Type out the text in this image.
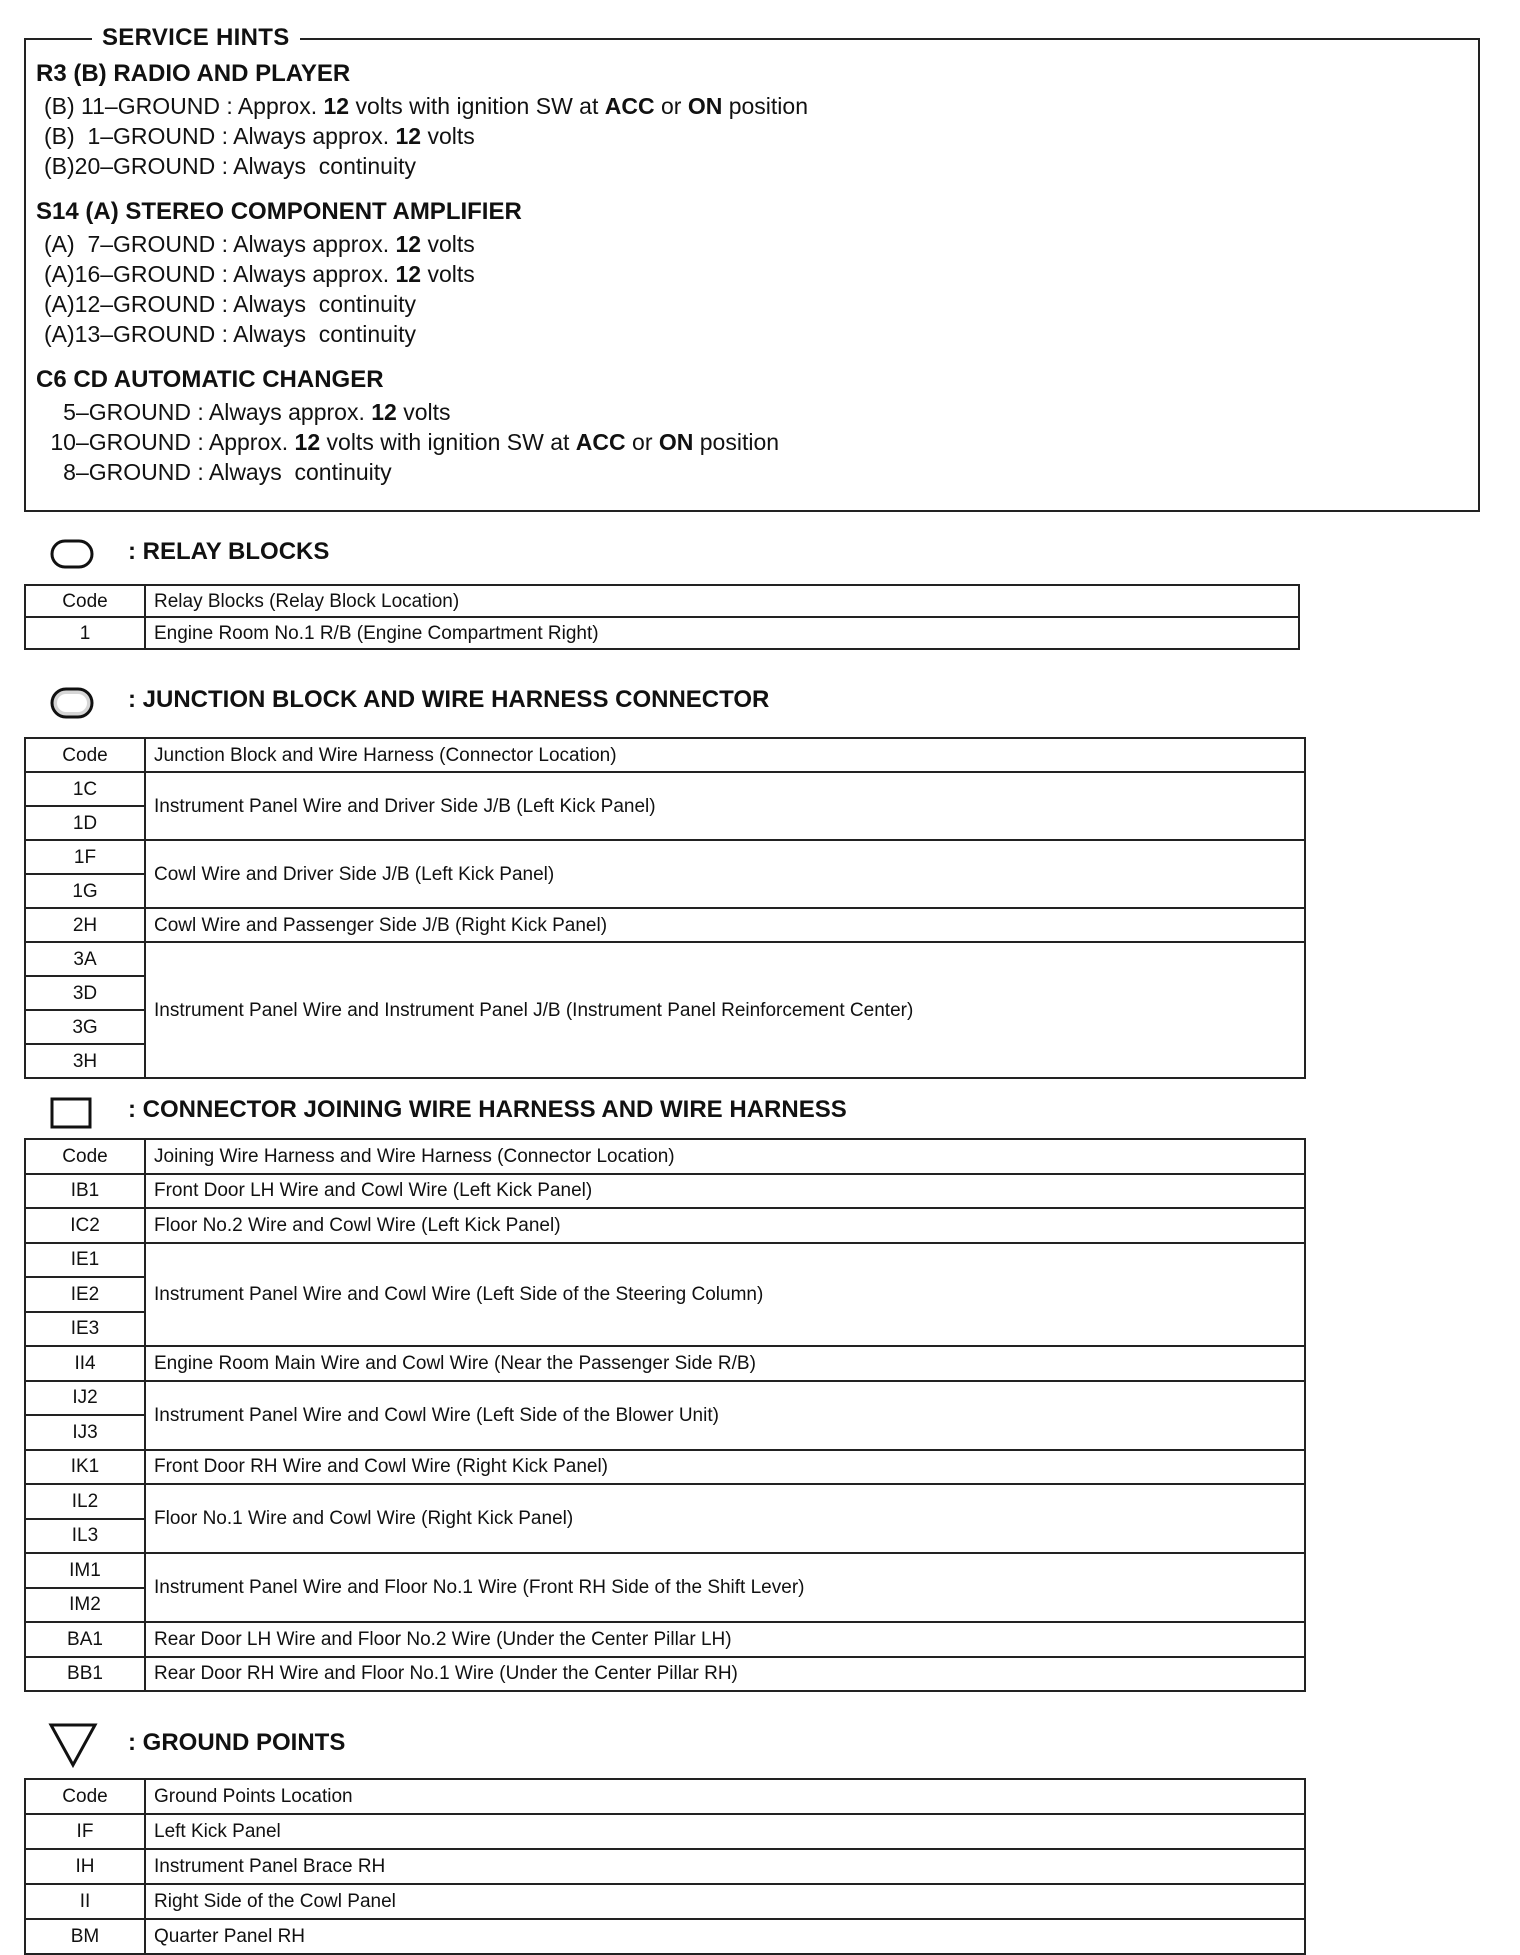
SERVICE HINTS
R3 (B) RADIO AND PLAYER
(B) 11–GROUND : Approx. 12 volts with ignition SW at ACC or ON position
(B)  1–GROUND : Always approx. 12 volts
(B)20–GROUND : Always  continuity
S14 (A) STEREO COMPONENT AMPLIFIER
(A)  7–GROUND : Always approx. 12 volts
(A)16–GROUND : Always approx. 12 volts
(A)12–GROUND : Always  continuity
(A)13–GROUND : Always  continuity
C6 CD AUTOMATIC CHANGER
5–GROUND : Always approx. 12 volts
10–GROUND : Approx. 12 volts with ignition SW at ACC or ON position
8–GROUND : Always  continuity
: RELAY BLOCKS
Code	Relay Blocks (Relay Block Location)
1	Engine Room No.1 R/B (Engine Compartment Right)
: JUNCTION BLOCK AND WIRE HARNESS CONNECTOR
Code	Junction Block and Wire Harness (Connector Location)
1C	Instrument Panel Wire and Driver Side J/B (Left Kick Panel)
1D	
1F	Cowl Wire and Driver Side J/B (Left Kick Panel)
1G	
2H	Cowl Wire and Passenger Side J/B (Right Kick Panel)
3A	Instrument Panel Wire and Instrument Panel J/B (Instrument Panel Reinforcement Center)
3D	
3G	
3H	
: CONNECTOR JOINING WIRE HARNESS AND WIRE HARNESS
Code	Joining Wire Harness and Wire Harness (Connector Location)
IB1	Front Door LH Wire and Cowl Wire (Left Kick Panel)
IC2	Floor No.2 Wire and Cowl Wire (Left Kick Panel)
IE1	Instrument Panel Wire and Cowl Wire (Left Side of the Steering Column)
IE2	
IE3	
II4	Engine Room Main Wire and Cowl Wire (Near the Passenger Side R/B)
IJ2	Instrument Panel Wire and Cowl Wire (Left Side of the Blower Unit)
IJ3	
IK1	Front Door RH Wire and Cowl Wire (Right Kick Panel)
IL2	Floor No.1 Wire and Cowl Wire (Right Kick Panel)
IL3	
IM1	Instrument Panel Wire and Floor No.1 Wire (Front RH Side of the Shift Lever)
IM2	
BA1	Rear Door LH Wire and Floor No.2 Wire (Under the Center Pillar LH)
BB1	Rear Door RH Wire and Floor No.1 Wire (Under the Center Pillar RH)
: GROUND POINTS
Code	Ground Points Location
IF	Left Kick Panel
IH	Instrument Panel Brace RH
II	Right Side of the Cowl Panel
BM	Quarter Panel RH
